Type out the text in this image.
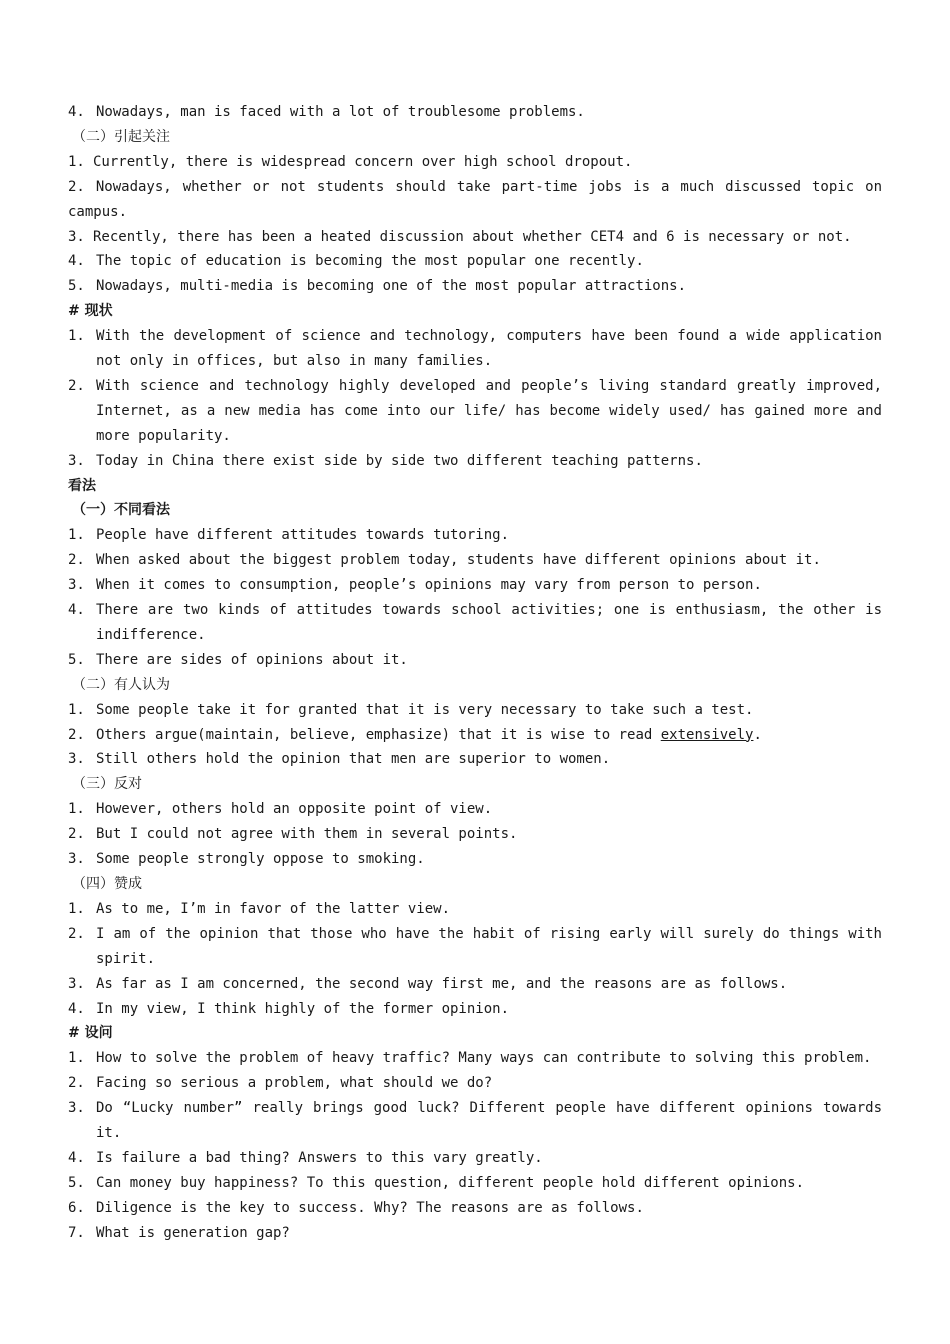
4. Nowadays, man is faced with a lot of troublesome problems.
（二）引起关注
1. Currently, there is widespread concern over high school dropout.
2. Nowadays, whether or not students should take part-time jobs is a much discussed topic on campus.
3. Recently, there has been a heated discussion about whether CET4 and 6 is necessary or not.
4. The topic of education is becoming the most popular one recently.
5. Nowadays, multi-media is becoming one of the most popular attractions.
# 现状
1. With the development of science and technology, computers have been found a wide application not only in offices, but also in many families.
2. With science and technology highly developed and people’s living standard greatly improved, Internet, as a new media has come into our life/ has become widely used/ has gained more and more popularity.
3. Today in China there exist side by side two different teaching patterns.
看法
（一）不同看法
1. People have different attitudes towards tutoring.
2. When asked about the biggest problem today, students have different opinions about it.
3. When it comes to consumption, people’s opinions may vary from person to person.
4. There are two kinds of attitudes towards school activities; one is enthusiasm, the other is indifference.
5. There are sides of opinions about it.
（二）有人认为
1. Some people take it for granted that it is very necessary to take such a test.
2. Others argue(maintain, believe, emphasize) that it is wise to read extensively.
3. Still others hold the opinion that men are superior to women.
（三）反对
1. However, others hold an opposite point of view.
2. But I could not agree with them in several points.
3. Some people strongly oppose to smoking.
（四）赞成
1. As to me, I’m in favor of the latter view.
2. I am of the opinion that those who have the habit of rising early will surely do things with spirit.
3. As far as I am concerned, the second way first me, and the reasons are as follows.
4. In my view, I think highly of the former opinion.
# 设问
1. How to solve the problem of heavy traffic? Many ways can contribute to solving this problem.
2. Facing so serious a problem, what should we do?
3. Do “Lucky number” really brings good luck? Different people have different opinions towards it.
4. Is failure a bad thing? Answers to this vary greatly.
5. Can money buy happiness? To this question, different people hold different opinions.
6. Diligence is the key to success. Why? The reasons are as follows.
7. What is generation gap?
